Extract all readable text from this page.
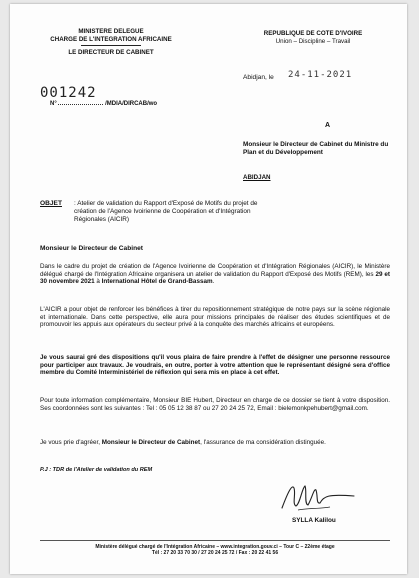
MINISTERE DELEGUE
CHARGE DE L'INTEGRATION AFRICAINE
LE DIRECTEUR DE CABINET
REPUBLIQUE DE COTE D'IVOIRE
Union – Discipline – Travail
001242
N°	/MDIA/DIRCAB/wo
Abidjan, le 24-11-2021
A
Monsieur le Directeur de Cabinet du Ministre du Plan et du Développement
ABIDJAN
OBJET : Atelier de validation du Rapport d'Exposé de Motifs du projet de création de l'Agence Ivoirienne de Coopération et d'Intégration Régionales (AICIR)
Monsieur le Directeur de Cabinet
Dans le cadre du projet de création de l'Agence Ivoirienne de Coopération et d'Intégration Régionales (AICIR), le Ministère délégué chargé de l'Intégration Africaine organisera un atelier de validation du Rapport d'Exposé des Motifs (REM), les 29 et 30 novembre 2021 à International Hôtel de Grand-Bassam.
L'AICIR a pour objet de renforcer les bénéfices à tirer du repositionnement stratégique de notre pays sur la scène régionale et internationale. Dans cette perspective, elle aura pour missions principales de réaliser des études scientifiques et de promouvoir les appuis aux opérateurs du secteur privé à la conquête des marchés africains et européens.
Je vous saurai gré des dispositions qu'il vous plaira de faire prendre à l'effet de désigner une personne ressource pour participer aux travaux. Je voudrais, en outre, porter à votre attention que le représentant désigné sera d'office membre du Comité Interministériel de réflexion qui sera mis en place à cet effet.
Pour toute information complémentaire, Monsieur BIE Hubert, Directeur en charge de ce dossier se tient à votre disposition. Ses coordonnées sont les suivantes : Tel : 05 05 12 38 87 ou 27 20 24 25 72, Email : bielemonkpehubert@gmail.com.
Je vous prie d'agréer, Monsieur le Directeur de Cabinet, l'assurance de ma considération distinguée.
P.J : TDR de l'Atelier de validation du REM
SYLLA Kalilou
Ministère délégué chargé de l'Intégration Africaine – www.integration.gouv.ci – Tour C – 22ème étage
Tél : 27 20 33 70 30 / 27 20 24 25 72 / Fax : 20 22 41 56
